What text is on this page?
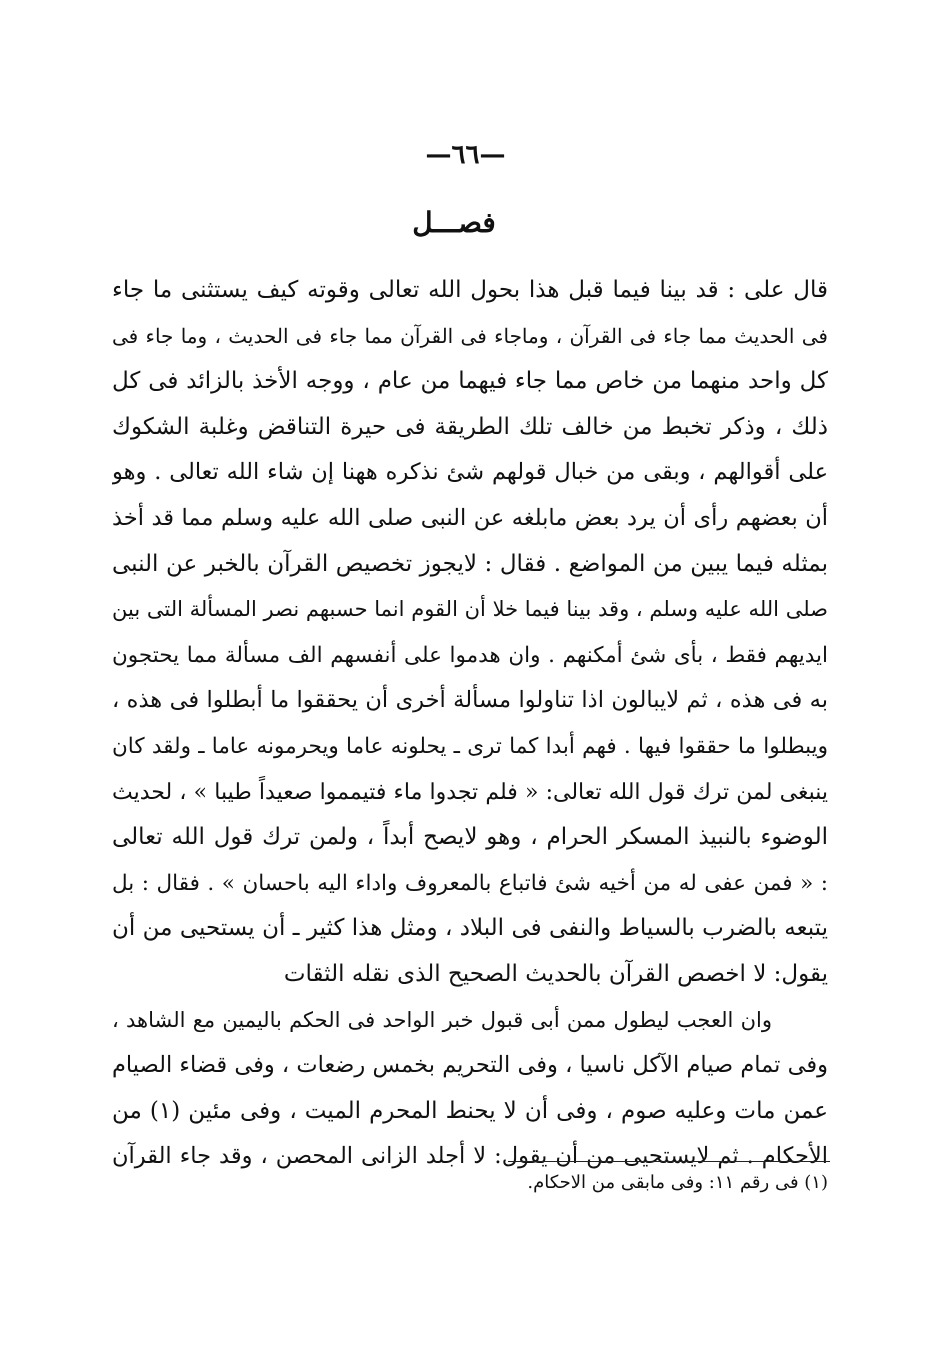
—٦٦—
فصـــل
قال على : قد بينا فيما قبل هذا بحول الله تعالى وقوته كيف يستثنى ما جاء
فى الحديث مما جاء فى القرآن ، وماجاء فى القرآن مما جاء فى الحديث ، وما جاء فى
كل واحد منهما من خاص مما جاء فيهما من عام ، ووجه الأخذ بالزائد فى كل
ذلك ، وذكر تخبط من خالف تلك الطريقة فى حيرة التناقض وغلبة الشكوك
على أقوالهم ، وبقى من خبال قولهم شئ نذكره ههنا إن شاء الله تعالى . وهو
أن بعضهم رأى أن يرد بعض مابلغه عن النبى صلى الله عليه وسلم مما قد أخذ
بمثله فيما يبين من المواضع . فقال : لايجوز تخصيص القرآن بالخبر عن النبى
صلى الله عليه وسلم ، وقد بينا فيما خلا أن القوم انما حسبهم نصر المسألة التى بين
ايديهم فقط ، بأى شئ أمكنهم . وان هدموا على أنفسهم الف مسألة مما يحتجون
به فى هذه ، ثم لايبالون اذا تناولوا مسألة أخرى أن يحققوا ما أبطلوا فى هذه ،
ويبطلوا ما حققوا فيها . فهم أبدا كما ترى ـ يحلونه عاما ويحرمونه عاما ـ ولقد كان
ينبغى لمن ترك قول الله تعالى: « فلم تجدوا ماء فتيمموا صعيداً طيبا » ، لحديث
الوضوء بالنبيذ المسكر الحرام ، وهو لايصح أبداً ، ولمن ترك قول الله تعالى
: « فمن عفى له من أخيه شئ فاتباع بالمعروف واداء اليه باحسان » . فقال : بل
يتبعه بالضرب بالسياط والنفى فى البلاد ، ومثل هذا كثير ـ أن يستحيى من أن
يقول: لا اخصص القرآن بالحديث الصحيح الذى نقله الثقات
وان العجب ليطول ممن أبى قبول خبر الواحد فى الحكم باليمين مع الشاهد ،
وفى تمام صيام الآكل ناسيا ، وفى التحريم بخمس رضعات ، وفى قضاء الصيام
عمن مات وعليه صوم ، وفى أن لا يحنط المحرم الميت ، وفى مئين (١) من
الأحكام . ثم لايستحيى من أن يقول: لا أجلد الزانى المحصن ، وقد جاء القرآن
(١) فى رقم ١١: وفى مابقى من الاحكام.
